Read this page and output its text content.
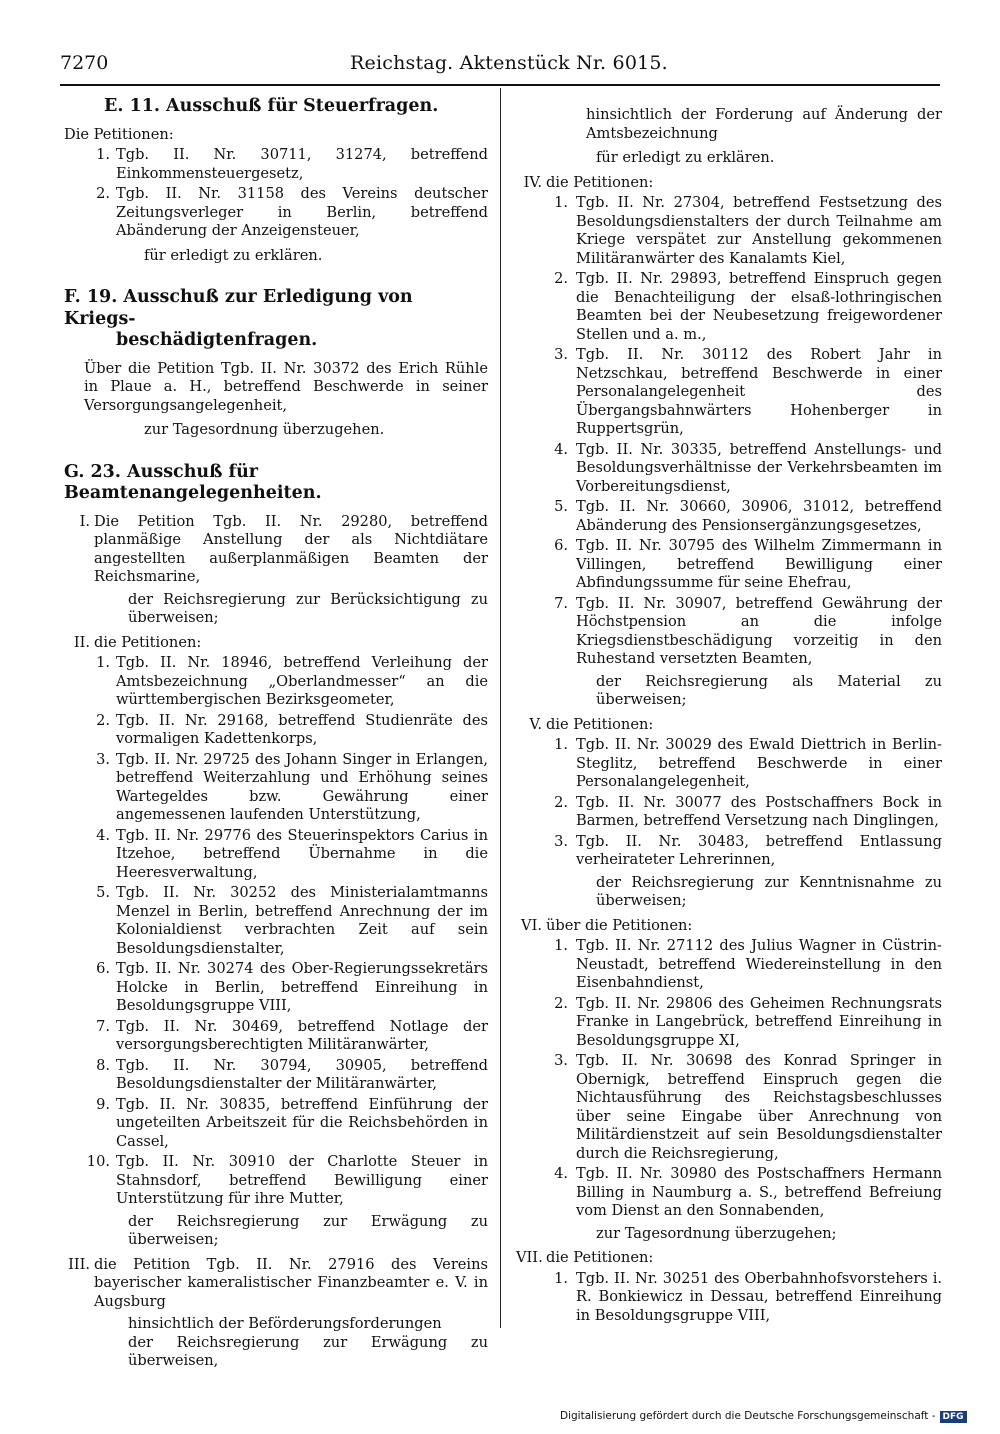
7270	Reichstag. Aktenstück Nr. 6015.
E. 11. Ausschuß für Steuerfragen.
Die Petitionen:
1. Tgb. II. Nr. 30711, 31274, betreffend Einkommensteuergesetz,
2. Tgb. II. Nr. 31158 des Vereins deutscher Zeitungsverleger in Berlin, betreffend Abänderung der Anzeigensteuer,
für erledigt zu erklären.
F. 19. Ausschuß zur Erledigung von Kriegs-
beschädigtenfragen.
Über die Petition Tgb. II. Nr. 30372 des Erich Rühle in Plaue a. H., betreffend Beschwerde in seiner Versorgungsangelegenheit,
zur Tagesordnung überzugehen.
G. 23. Ausschuß für Beamtenangelegenheiten.
I. Die Petition Tgb. II. Nr. 29280, betreffend planmäßige Anstellung der als Nichtdiätare angestellten außerplanmäßigen Beamten der Reichsmarine,
der Reichsregierung zur Berücksichtigung zu überweisen;
II. die Petitionen:
1. Tgb. II. Nr. 18946, betreffend Verleihung der Amtsbezeichnung „Oberlandmesser“ an die württembergischen Bezirksgeometer,
2. Tgb. II. Nr. 29168, betreffend Studienräte des vormaligen Kadettenkorps,
3. Tgb. II. Nr. 29725 des Johann Singer in Erlangen, betreffend Weiterzahlung und Erhöhung seines Wartegeldes bzw. Gewährung einer angemessenen laufenden Unterstützung,
4. Tgb. II. Nr. 29776 des Steuerinspektors Carius in Itzehoe, betreffend Übernahme in die Heeresverwaltung,
5. Tgb. II. Nr. 30252 des Ministerialamtmanns Menzel in Berlin, betreffend Anrechnung der im Kolonialdienst verbrachten Zeit auf sein Besoldungsdienstalter,
6. Tgb. II. Nr. 30274 des Ober-Regierungssekretärs Holcke in Berlin, betreffend Einreihung in Besoldungsgruppe VIII,
7. Tgb. II. Nr. 30469, betreffend Notlage der versorgungsberechtigten Militäranwärter,
8. Tgb. II. Nr. 30794, 30905, betreffend Besoldungsdienstalter der Militäranwärter,
9. Tgb. II. Nr. 30835, betreffend Einführung der ungeteilten Arbeitszeit für die Reichsbehörden in Cassel,
10. Tgb. II. Nr. 30910 der Charlotte Steuer in Stahnsdorf, betreffend Bewilligung einer Unterstützung für ihre Mutter,
der Reichsregierung zur Erwägung zu überweisen;
III. die Petition Tgb. II. Nr. 27916 des Vereins bayerischer kameralistischer Finanzbeamter e. V. in Augsburg
hinsichtlich der Beförderungsforderungen
der Reichsregierung zur Erwägung zu überweisen,
hinsichtlich der Forderung auf Änderung der Amtsbezeichnung
für erledigt zu erklären.
IV. die Petitionen:
1. Tgb. II. Nr. 27304, betreffend Festsetzung des Besoldungsdienstalters der durch Teilnahme am Kriege verspätet zur Anstellung gekommenen Militäranwärter des Kanalamts Kiel,
2. Tgb. II. Nr. 29893, betreffend Einspruch gegen die Benachteiligung der elsaß-lothringischen Beamten bei der Neubesetzung freigewordener Stellen und a. m.,
3. Tgb. II. Nr. 30112 des Robert Jahr in Netzschkau, betreffend Beschwerde in einer Personalangelegenheit des Übergangsbahnwärters Hohenberger in Ruppertsgrün,
4. Tgb. II. Nr. 30335, betreffend Anstellungs- und Besoldungsverhältnisse der Verkehrsbeamten im Vorbereitungsdienst,
5. Tgb. II. Nr. 30660, 30906, 31012, betreffend Abänderung des Pensionsergänzungsgesetzes,
6. Tgb. II. Nr. 30795 des Wilhelm Zimmermann in Villingen, betreffend Bewilligung einer Abfindungssumme für seine Ehefrau,
7. Tgb. II. Nr. 30907, betreffend Gewährung der Höchstpension an die infolge Kriegsdienstbeschädigung vorzeitig in den Ruhestand versetzten Beamten,
der Reichsregierung als Material zu überweisen;
V. die Petitionen:
1. Tgb. II. Nr. 30029 des Ewald Diettrich in Berlin-Steglitz, betreffend Beschwerde in einer Personalangelegenheit,
2. Tgb. II. Nr. 30077 des Postschaffners Bock in Barmen, betreffend Versetzung nach Dinglingen,
3. Tgb. II. Nr. 30483, betreffend Entlassung verheirateter Lehrerinnen,
der Reichsregierung zur Kenntnisnahme zu überweisen;
VI. über die Petitionen:
1. Tgb. II. Nr. 27112 des Julius Wagner in Cüstrin-Neustadt, betreffend Wiedereinstellung in den Eisenbahndienst,
2. Tgb. II. Nr. 29806 des Geheimen Rechnungsrats Franke in Langebrück, betreffend Einreihung in Besoldungsgruppe XI,
3. Tgb. II. Nr. 30698 des Konrad Springer in Obernigk, betreffend Einspruch gegen die Nichtausführung des Reichstagsbeschlusses über seine Eingabe über Anrechnung von Militärdienstzeit auf sein Besoldungsdienstalter durch die Reichsregierung,
4. Tgb. II. Nr. 30980 des Postschaffners Hermann Billing in Naumburg a. S., betreffend Befreiung vom Dienst an den Sonnabenden,
zur Tagesordnung überzugehen;
VII. die Petitionen:
1. Tgb. II. Nr. 30251 des Oberbahnhofsvorstehers i. R. Bonkiewicz in Dessau, betreffend Einreihung in Besoldungsgruppe VIII,
Digitalisierung gefördert durch die Deutsche Forschungsgemeinschaft - DFG
